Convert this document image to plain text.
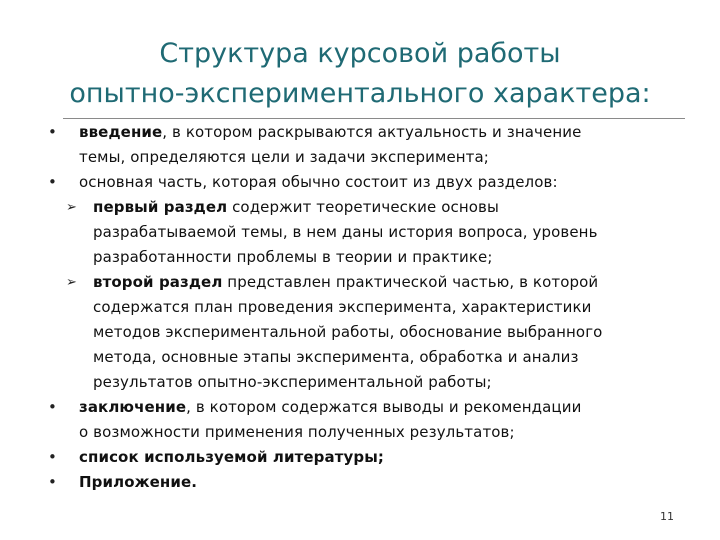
Структура курсовой работы
опытно-экспериментального характера:
•	введение, в котором раскрываются актуальность и значение
темы, определяются цели и задачи эксперимента;
•	основная часть, которая обычно состоит из двух разделов:
➢	первый раздел содержит теоретические основы
разрабатываемой темы, в нем даны история вопроса, уровень
разработанности проблемы в теории и практике;
➢	второй раздел представлен практической частью, в которой
содержатся план проведения эксперимента, характеристики
методов экспериментальной работы, обоснование выбранного
метода, основные этапы эксперимента, обработка и анализ
результатов опытно-экспериментальной работы;
•	заключение, в котором содержатся выводы и рекомендации
о возможности применения полученных результатов;
•	список используемой литературы;
•	Приложение.
11
